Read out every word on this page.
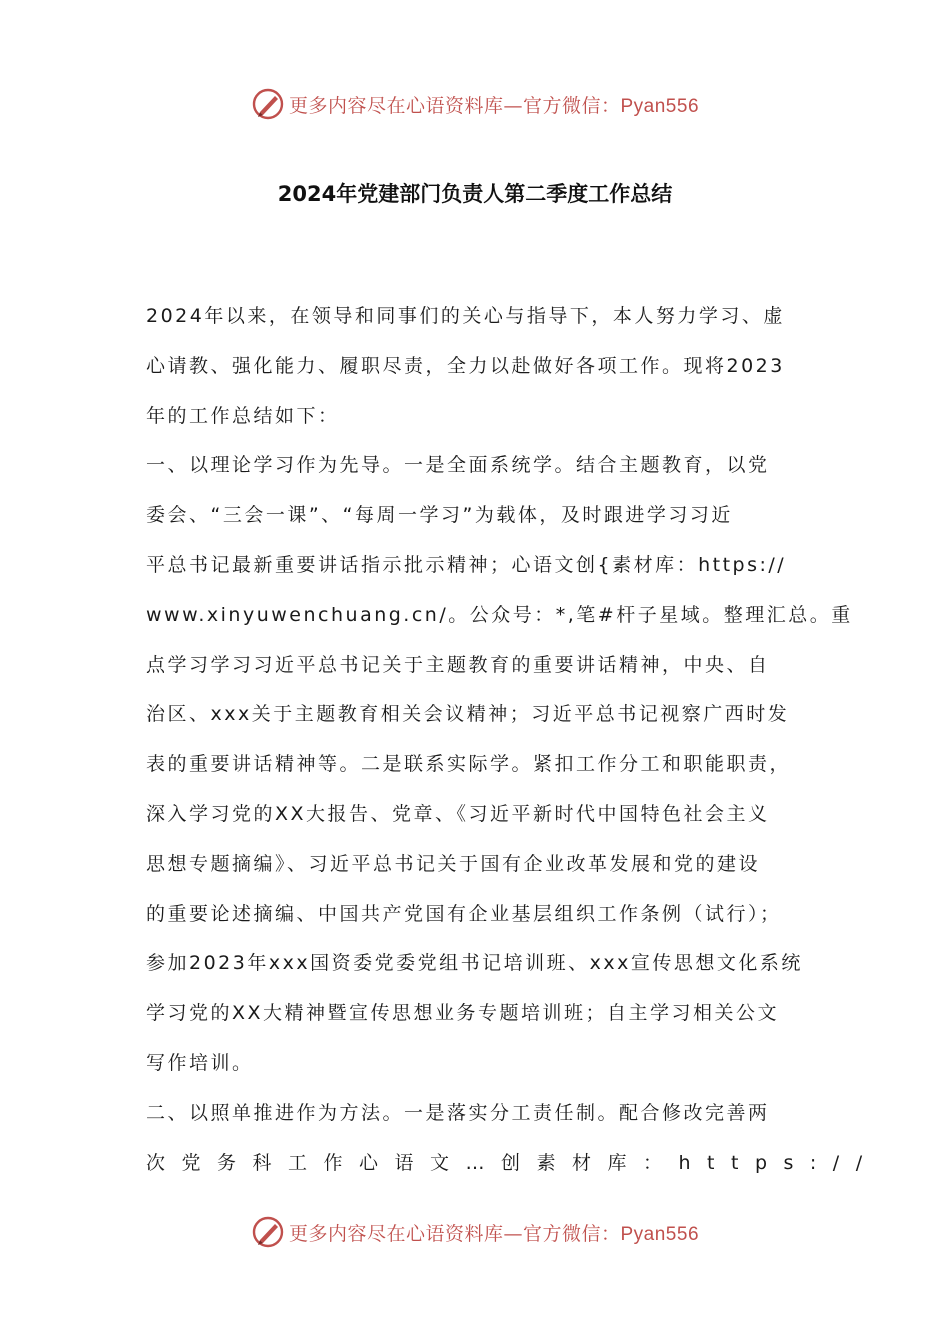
更多内容尽在心语资料库—官方微信：Pyan556
2024年党建部门负责人第二季度工作总结
2024年以来，在领导和同事们的关心与指导下，本人努力学习、虚
心请教、强化能力、履职尽责，全力以赴做好各项工作。现将2023
年的工作总结如下：
一、以理论学习作为先导。一是全面系统学。结合主题教育，以党
委会、“三会一课”、“每周一学习”为载体，及时跟进学习习近
平总书记最新重要讲话指示批示精神；心语文创{素材库：https://
www.xinyuwenchuang.cn/。公众号：*,笔#杆子星域。整理汇总。重
点学习学习习近平总书记关于主题教育的重要讲话精神，中央、自
治区、xxx关于主题教育相关会议精神；习近平总书记视察广西时发
表的重要讲话精神等。二是联系实际学。紧扣工作分工和职能职责，
深入学习党的XX大报告、党章、《习近平新时代中国特色社会主义
思想专题摘编》、习近平总书记关于国有企业改革发展和党的建设
的重要论述摘编、中国共产党国有企业基层组织工作条例（试行）；
参加2023年xxx国资委党委党组书记培训班、xxx宣传思想文化系统
学习党的XX大精神暨宣传思想业务专题培训班；自主学习相关公文
写作培训。
二、以照单推进作为方法。一是落实分工责任制。配合修改完善两
次党务科工作心语文…创素材库：https://
更多内容尽在心语资料库—官方微信：Pyan556
